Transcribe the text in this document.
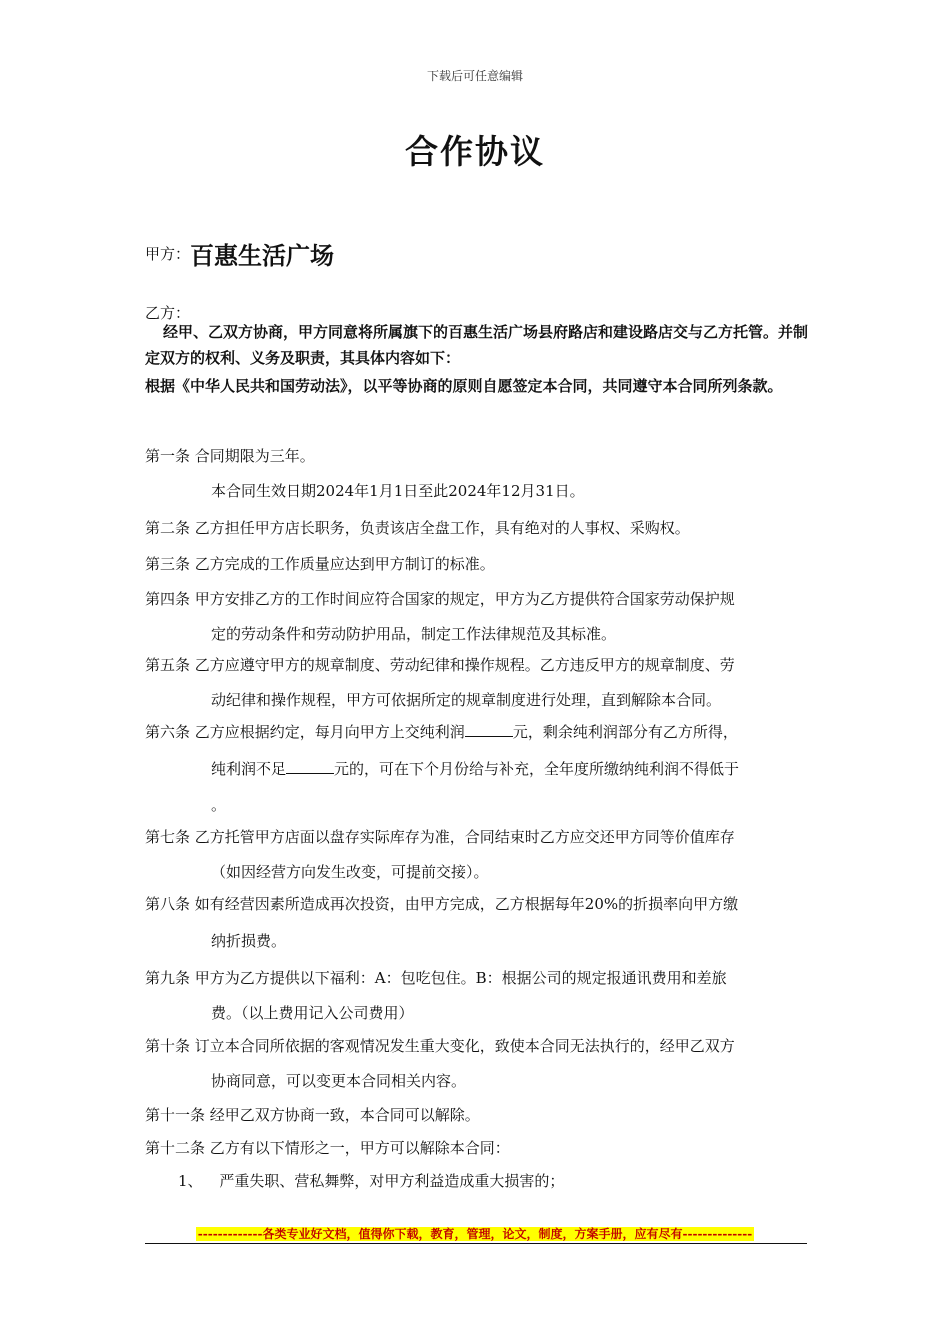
下载后可任意编辑
合作协议
甲方：百惠生活广场
乙方：
经甲、乙双方协商，甲方同意将所属旗下的百惠生活广场县府路店和建设路店交与乙方托管。并制定双方的权利、义务及职责，其具体内容如下：
根据《中华人民共和国劳动法》，以平等协商的原则自愿签定本合同，共同遵守本合同所列条款。
第一条 合同期限为三年。
本合同生效日期2024年1月1日至此2024年12月31日。
第二条 乙方担任甲方店长职务，负责该店全盘工作，具有绝对的人事权、采购权。
第三条 乙方完成的工作质量应达到甲方制订的标准。
第四条 甲方安排乙方的工作时间应符合国家的规定，甲方为乙方提供符合国家劳动保护规
定的劳动条件和劳动防护用品，制定工作法律规范及其标准。
第五条 乙方应遵守甲方的规章制度、劳动纪律和操作规程。乙方违反甲方的规章制度、劳
动纪律和操作规程，甲方可依据所定的规章制度进行处理，直到解除本合同。
第六条 乙方应根据约定，每月向甲方上交纯利润	元，剩余纯利润部分有乙方所得，
纯利润不足	元的，可在下个月份给与补充，全年度所缴纳纯利润不得低于
。
第七条 乙方托管甲方店面以盘存实际库存为准，合同结束时乙方应交还甲方同等价值库存
（如因经营方向发生改变，可提前交接）。
第八条 如有经营因素所造成再次投资，由甲方完成，乙方根据每年20%的折损率向甲方缴
纳折损费。
第九条 甲方为乙方提供以下福利：A：包吃包住。B：根据公司的规定报通讯费用和差旅
费。（以上费用记入公司费用）
第十条 订立本合同所依据的客观情况发生重大变化，致使本合同无法执行的，经甲乙双方
协商同意，可以变更本合同相关内容。
第十一条 经甲乙双方协商一致，本合同可以解除。
第十二条 乙方有以下情形之一，甲方可以解除本合同：
1、 严重失职、营私舞弊，对甲方利益造成重大损害的；
-------------各类专业好文档，值得你下载，教育，管理，论文，制度，方案手册，应有尽有--------------
